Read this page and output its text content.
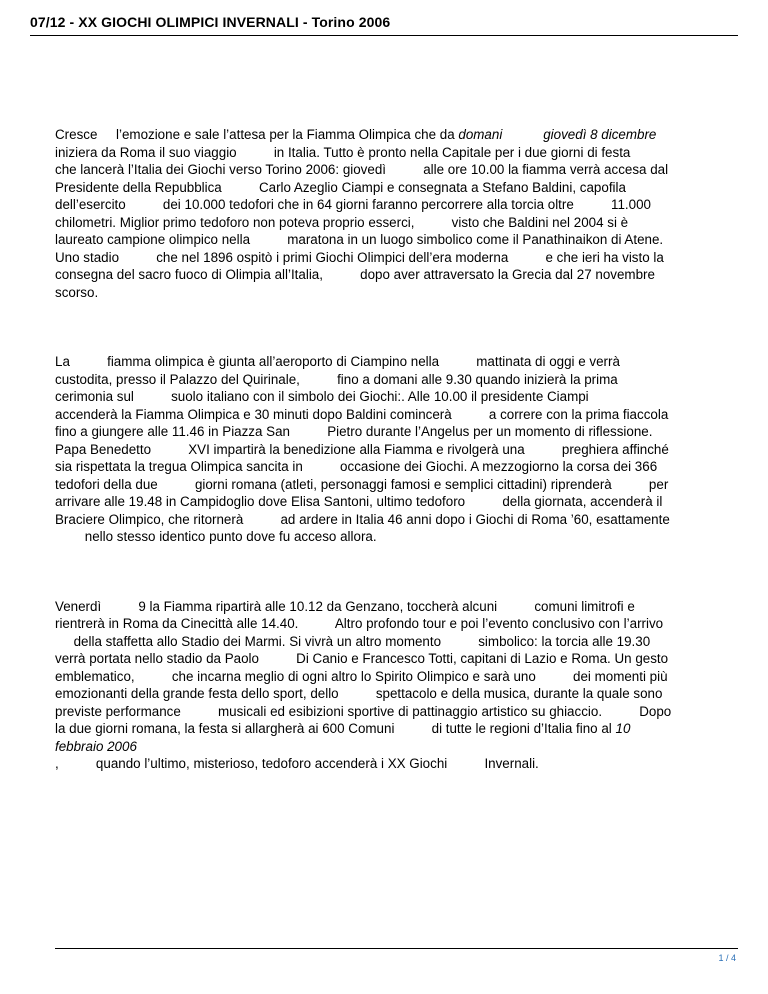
07/12 - XX GIOCHI OLIMPICI INVERNALI - Torino 2006

Cresce     l’emozione e sale l’attesa per la Fiamma Olimpica che da domani	giovedì 8 dicembre
iniziera da Roma il suo viaggio          in Italia. Tutto è pronto nella Capitale per i due giorni di festa
che lancerà l’Italia dei Giochi verso Torino 2006: giovedì          alle ore 10.00 la fiamma verrà accesa dal
Presidente della Repubblica          Carlo Azeglio Ciampi e consegnata a Stefano Baldini, capofila
dell’esercito          dei 10.000 tedofori che in 64 giorni faranno percorrere alla torcia oltre          11.000
chilometri. Miglior primo tedoforo non poteva proprio esserci,          visto che Baldini nel 2004 si è
laureato campione olimpico nella          maratona in un luogo simbolico come il Panathinaikon di Atene.
Uno stadio          che nel 1896 ospitò i primi Giochi Olimpici dell’era moderna          e che ieri ha visto la
consegna del sacro fuoco di Olimpia all’Italia,          dopo aver attraversato la Grecia dal 27 novembre
scorso.

La          fiamma olimpica è giunta all’aeroporto di Ciampino nella          mattinata di oggi e verrà
custodita, presso il Palazzo del Quirinale,          fino a domani alle 9.30 quando inizierà la prima
cerimonia sul          suolo italiano con il simbolo dei Giochi:. Alle 10.00 il presidente Ciampi
accenderà la Fiamma Olimpica e 30 minuti dopo Baldini comincerà          a correre con la prima fiaccola
fino a giungere alle 11.46 in Piazza San          Pietro durante l’Angelus per un momento di riflessione.
Papa Benedetto          XVI impartirà la benedizione alla Fiamma e rivolgerà una          preghiera affinché
sia rispettata la tregua Olimpica sancita in          occasione dei Giochi. A mezzogiorno la corsa dei 366
tedofori della due          giorni romana (atleti, personaggi famosi e semplici cittadini) riprenderà          per
arrivare alle 19.48 in Campidoglio dove Elisa Santoni, ultimo tedoforo          della giornata, accenderà il
Braciere Olimpico, che ritornerà          ad ardere in Italia 46 anni dopo i Giochi di Roma ’60, esattamente
nello stesso identico punto dove fu acceso allora.

Venerdì          9 la Fiamma ripartirà alle 10.12 da Genzano, toccherà alcuni          comuni limitrofi e
rientrerà in Roma da Cinecittà alle 14.40.          Altro profondo tour e poi l’evento conclusivo con l’arrivo
della staffetta allo Stadio dei Marmi. Si vivrà un altro momento          simbolico: la torcia alle 19.30
verrà portata nello stadio da Paolo          Di Canio e Francesco Totti, capitani di Lazio e Roma. Un gesto
emblematico,          che incarna meglio di ogni altro lo Spirito Olimpico e sarà uno          dei momenti più
emozionanti della grande festa dello sport, dello          spettacolo e della musica, durante la quale sono
previste performance          musicali ed esibizioni sportive di pattinaggio artistico su ghiaccio.          Dopo
la due giorni romana, la festa si allargherà ai 600 Comuni          di tutte le regioni d’Italia fino al 10
febbraio 2006
,          quando l’ultimo, misterioso, tedoforo accenderà i XX Giochi          Invernali.

1 / 4
